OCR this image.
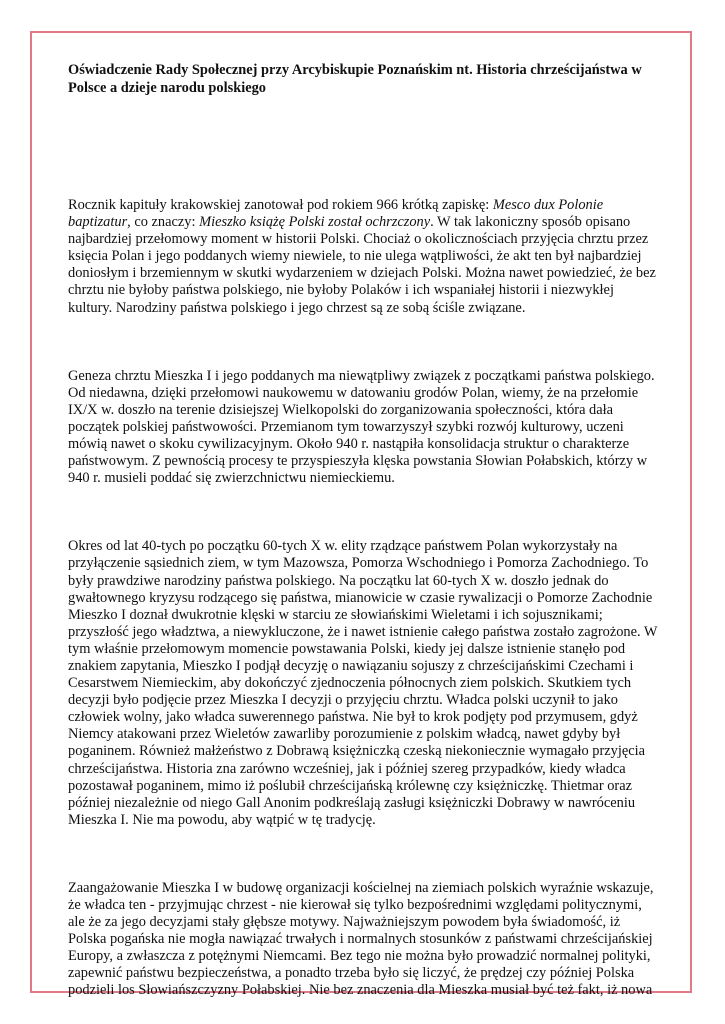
Oświadczenie Rady Społecznej przy Arcybiskupie Poznańskim nt. Historia chrześcijaństwa w Polsce a dzieje narodu polskiego

Rocznik kapituły krakowskiej zanotował pod rokiem 966 krótką zapiskę: Mesco dux Polonie baptizatur, co znaczy: Mieszko książę Polski został ochrzczony. W tak lakoniczny sposób opisano najbardziej przełomowy moment w historii Polski. Chociaż o okolicznościach przyjęcia chrztu przez księcia Polan i jego poddanych wiemy niewiele, to nie ulega wątpliwości, że akt ten był najbardziej doniosłym i brzemiennym w skutki wydarzeniem w dziejach Polski. Można nawet powiedzieć, że bez chrztu nie byłoby państwa polskiego, nie byłoby Polaków i ich wspaniałej historii i niezwykłej kultury. Narodziny państwa polskiego i jego chrzest są ze sobą ściśle związane.

Geneza chrztu Mieszka I i jego poddanych ma niewątpliwy związek z początkami państwa polskiego. Od niedawna, dzięki przełomowi naukowemu w datowaniu grodów Polan, wiemy, że na przełomie IX/X w. doszło na terenie dzisiejszej Wielkopolski do zorganizowania społeczności, która dała początek polskiej państwowości. Przemianom tym towarzyszył szybki rozwój kulturowy, uczeni mówią nawet o skoku cywilizacyjnym. Około 940 r. nastąpiła konsolidacja struktur o charakterze państwowym. Z pewnością procesy te przyspieszyła klęska powstania Słowian Połabskich, którzy w 940 r. musieli poddać się zwierzchnictwu niemieckiemu.

Okres od lat 40-tych po początku 60-tych X w. elity rządzące państwem Polan wykorzystały na przyłączenie sąsiednich ziem, w tym Mazowsza, Pomorza Wschodniego i Pomorza Zachodniego. To były prawdziwe narodziny państwa polskiego. Na początku lat 60-tych X w. doszło jednak do gwałtownego kryzysu rodzącego się państwa, mianowicie w czasie rywalizacji o Pomorze Zachodnie Mieszko I doznał dwukrotnie klęski w starciu ze słowiańskimi Wieletami i ich sojusznikami; przyszłość jego władztwa, a niewykluczone, że i nawet istnienie całego państwa zostało zagrożone. W tym właśnie przełomowym momencie powstawania Polski, kiedy jej dalsze istnienie stanęło pod znakiem zapytania, Mieszko I podjął decyzję o nawiązaniu sojuszy z chrześcijańskimi Czechami i Cesarstwem Niemieckim, aby dokończyć zjednoczenia północnych ziem polskich. Skutkiem tych decyzji było podjęcie przez Mieszka I decyzji o przyjęciu chrztu. Władca polski uczynił to jako człowiek wolny, jako władca suwerennego państwa. Nie był to krok podjęty pod przymusem, gdyż Niemcy atakowani przez Wieletów zawarliby porozumienie z polskim władcą, nawet gdyby był poganinem. Również małżeństwo z Dobrawą księżniczką czeską niekoniecznie wymagało przyjęcia chrześcijaństwa. Historia zna zarówno wcześniej, jak i później szereg przypadków, kiedy władca pozostawał poganinem, mimo iż poślubił chrześcijańską królewnę czy księżniczkę. Thietmar oraz później niezależnie od niego Gall Anonim podkreślają zasługi księżniczki Dobrawy w nawróceniu Mieszka I. Nie ma powodu, aby wątpić w tę tradycję.

Zaangażowanie Mieszka I w budowę organizacji kościelnej na ziemiach polskich wyraźnie wskazuje, że władca ten - przyjmując chrzest - nie kierował się tylko bezpośrednimi względami politycznymi, ale że za jego decyzjami stały głębsze motywy. Najważniejszym powodem była świadomość, iż Polska pogańska nie mogła nawiązać trwałych i normalnych stosunków z państwami chrześcijańskiej Europy, a zwłaszcza z potężnymi Niemcami. Bez tego nie można było prowadzić normalnej polityki, zapewnić państwu bezpieczeństwa, a ponadto trzeba było się liczyć, że prędzej czy później Polska podzieli los Słowiańszczyzny Połabskiej. Nie bez znaczenia dla Mieszka musiał być też fakt, iż nowa
